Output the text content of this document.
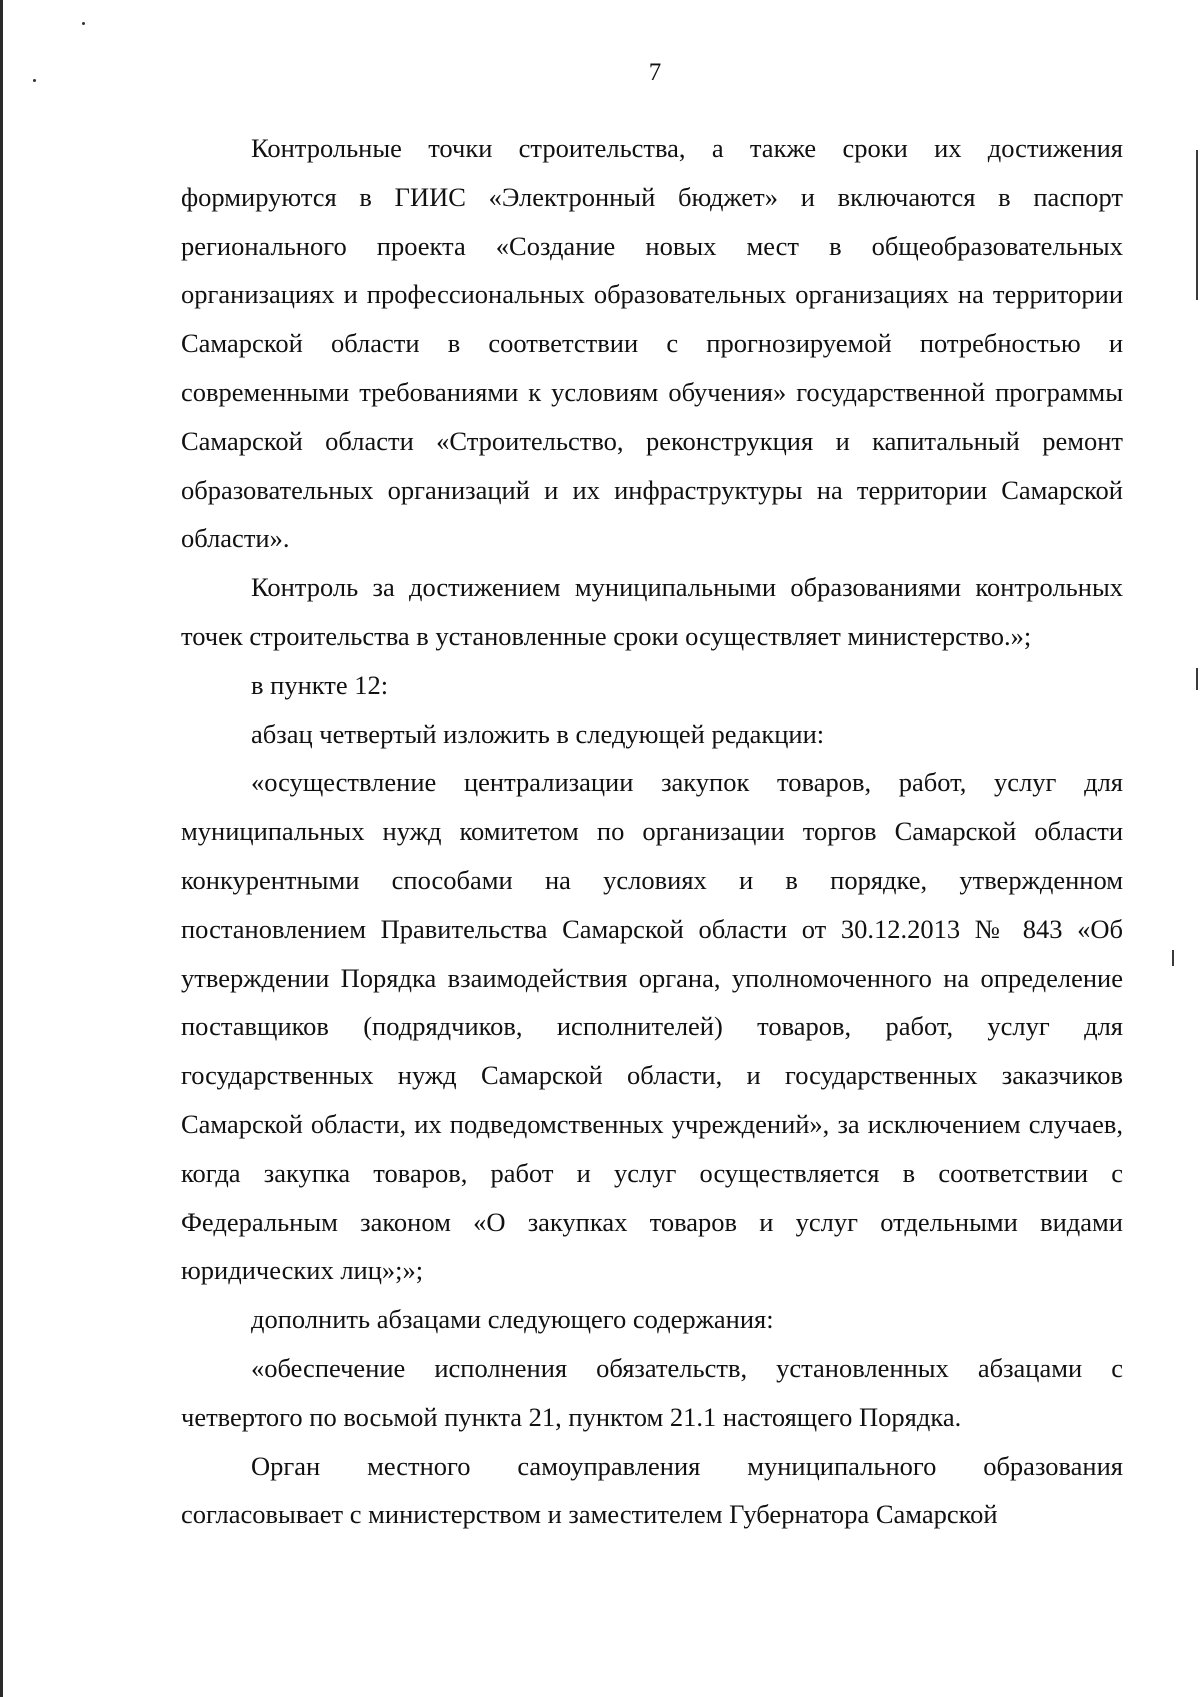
7

Контрольные точки строительства, а также сроки их достижения формируются в ГИИС «Электронный бюджет» и включаются в паспорт регионального проекта «Создание новых мест в общеобразовательных организациях и профессиональных образовательных организациях на территории Самарской области в соответствии с прогнозируемой потребностью и современными требованиями к условиям обучения» государственной программы Самарской области «Строительство, реконструкция и капитальный ремонт образовательных организаций и их инфраструктуры на территории Самарской области».

Контроль за достижением муниципальными образованиями контрольных точек строительства в установленные сроки осуществляет министерство.»;

в пункте 12:

абзац четвертый изложить в следующей редакции:

«осуществление централизации закупок товаров, работ, услуг для муниципальных нужд комитетом по организации торгов Самарской области конкурентными способами на условиях и в порядке, утвержденном постановлением Правительства Самарской области от 30.12.2013 № 843 «Об утверждении Порядка взаимодействия органа, уполномоченного на определение поставщиков (подрядчиков, исполнителей) товаров, работ, услуг для государственных нужд Самарской области, и государственных заказчиков Самарской области, их подведомственных учреждений», за исключением случаев, когда закупка товаров, работ и услуг осуществляется в соответствии с Федеральным законом «О закупках товаров и услуг отдельными видами юридических лиц»;»;

дополнить абзацами следующего содержания:

«обеспечение исполнения обязательств, установленных абзацами с четвертого по восьмой пункта 21, пунктом 21.1 настоящего Порядка.

Орган местного самоуправления муниципального образования согласовывает с министерством и заместителем Губернатора Самарской
